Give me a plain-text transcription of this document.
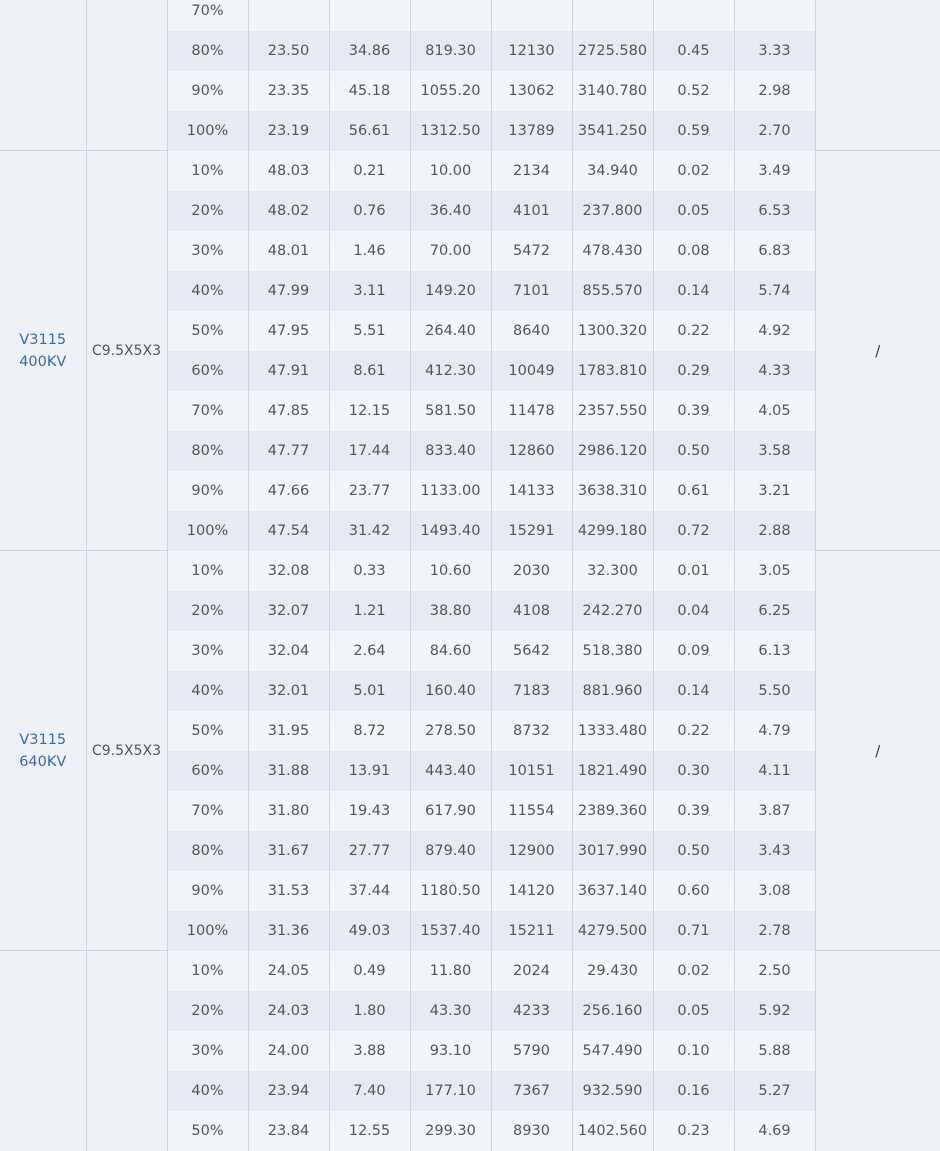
		70%								
		80%	23.50	34.86	819.30	12130	2725.580	0.45	3.33	
		90%	23.35	45.18	1055.20	13062	3140.780	0.52	2.98	
		100%	23.19	56.61	1312.50	13789	3541.250	0.59	2.70	

V3115
400KV	C9.5X5X3	10%	48.03	0.21	10.00	2134	34.940	0.02	3.49	/
		20%	48.02	0.76	36.40	4101	237.800	0.05	6.53	
		30%	48.01	1.46	70.00	5472	478.430	0.08	6.83	
		40%	47.99	3.11	149.20	7101	855.570	0.14	5.74	
		50%	47.95	5.51	264.40	8640	1300.320	0.22	4.92	
		60%	47.91	8.61	412.30	10049	1783.810	0.29	4.33	
		70%	47.85	12.15	581.50	11478	2357.550	0.39	4.05	
		80%	47.77	17.44	833.40	12860	2986.120	0.50	3.58	
		90%	47.66	23.77	1133.00	14133	3638.310	0.61	3.21	
		100%	47.54	31.42	1493.40	15291	4299.180	0.72	2.88	

V3115
640KV	C9.5X5X3	10%	32.08	0.33	10.60	2030	32.300	0.01	3.05	/
		20%	32.07	1.21	38.80	4108	242.270	0.04	6.25	
		30%	32.04	2.64	84.60	5642	518.380	0.09	6.13	
		40%	32.01	5.01	160.40	7183	881.960	0.14	5.50	
		50%	31.95	8.72	278.50	8732	1333.480	0.22	4.79	
		60%	31.88	13.91	443.40	10151	1821.490	0.30	4.11	
		70%	31.80	19.43	617.90	11554	2389.360	0.39	3.87	
		80%	31.67	27.77	879.40	12900	3017.990	0.50	3.43	
		90%	31.53	37.44	1180.50	14120	3637.140	0.60	3.08	
		100%	31.36	49.03	1537.40	15211	4279.500	0.71	2.78	

		10%	24.05	0.49	11.80	2024	29.430	0.02	2.50	
		20%	24.03	1.80	43.30	4233	256.160	0.05	5.92	
		30%	24.00	3.88	93.10	5790	547.490	0.10	5.88	
		40%	23.94	7.40	177.10	7367	932.590	0.16	5.27	
		50%	23.84	12.55	299.30	8930	1402.560	0.23	4.69	
